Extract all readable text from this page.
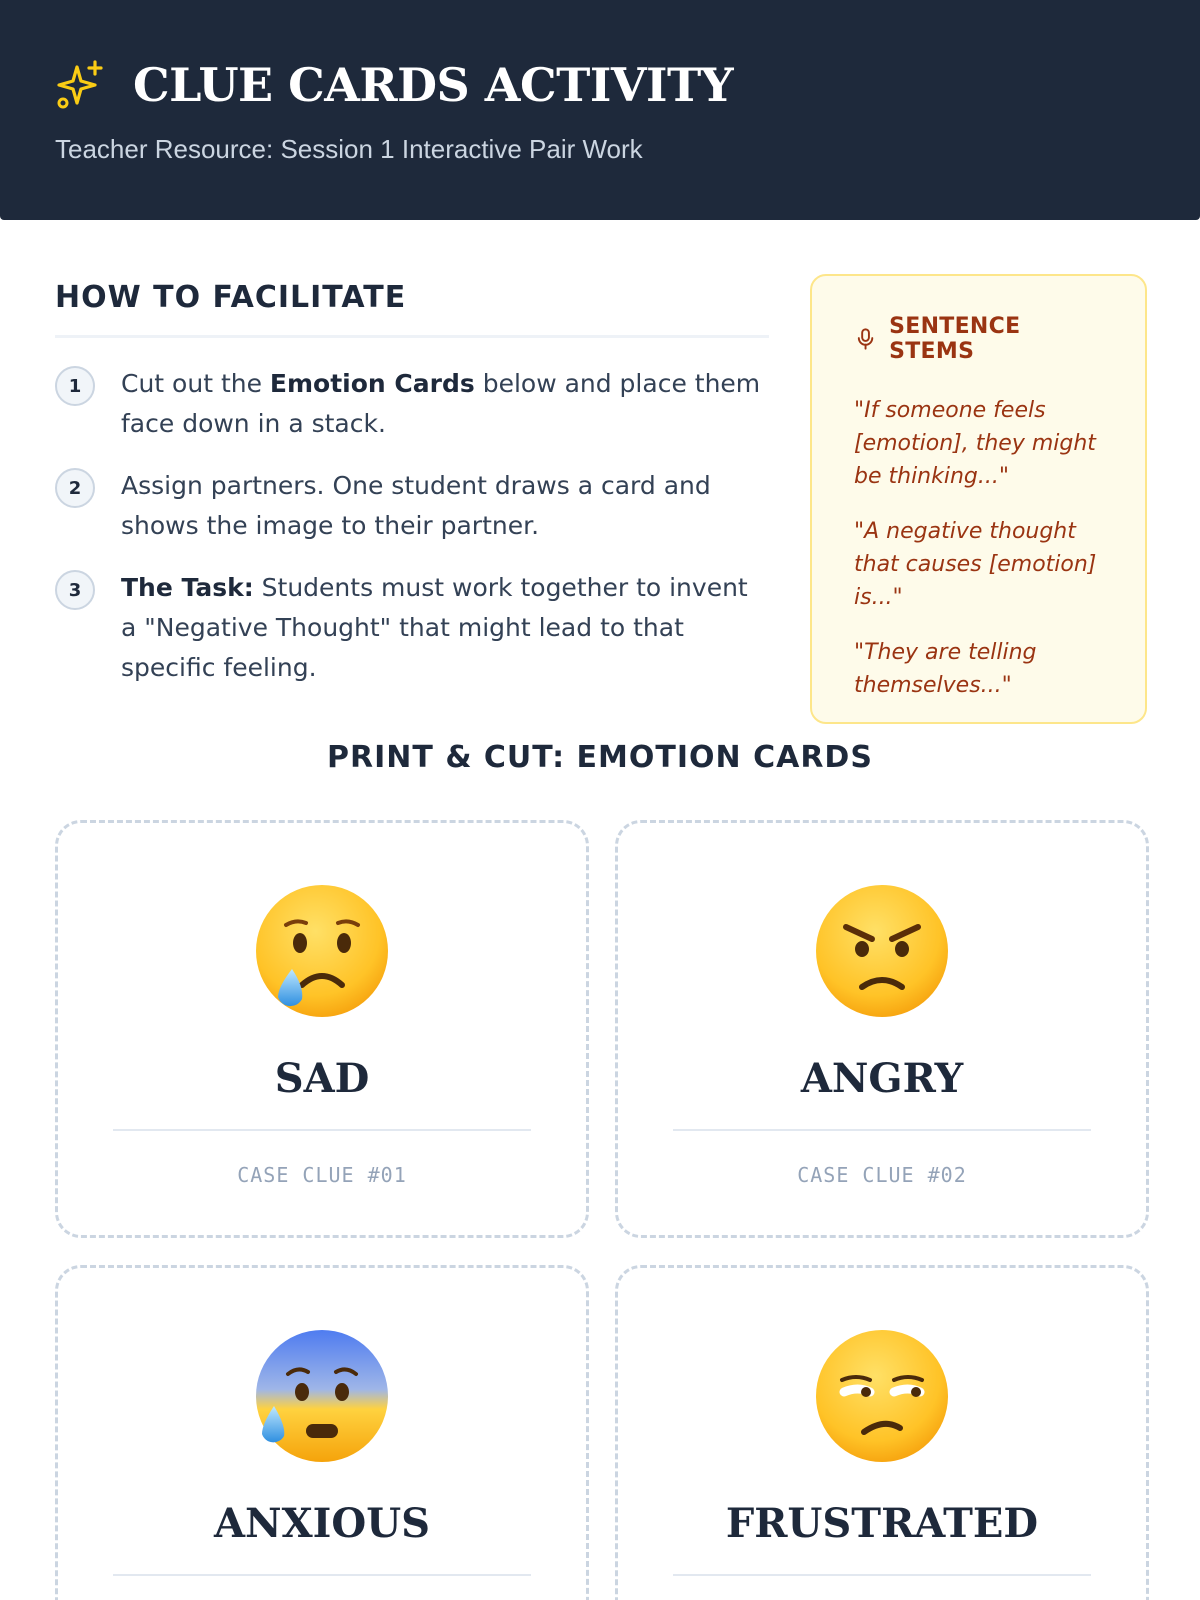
CLUE CARDS ACTIVITY
Teacher Resource: Session 1 Interactive Pair Work
HOW TO FACILITATE
1	Cut out the Emotion Cards below and place them face down in a stack.
2	Assign partners. One student draws a card and shows the image to their partner.
3	The Task: Students must work together to invent a "Negative Thought" that might lead to that specific feeling.
SENTENCE STEMS
"If someone feels [emotion], they might be thinking..."
"A negative thought that causes [emotion] is..."
"They are telling themselves..."
PRINT & CUT: EMOTION CARDS
SAD
CASE CLUE #01
ANGRY
CASE CLUE #02
ANXIOUS	FRUSTRATED
